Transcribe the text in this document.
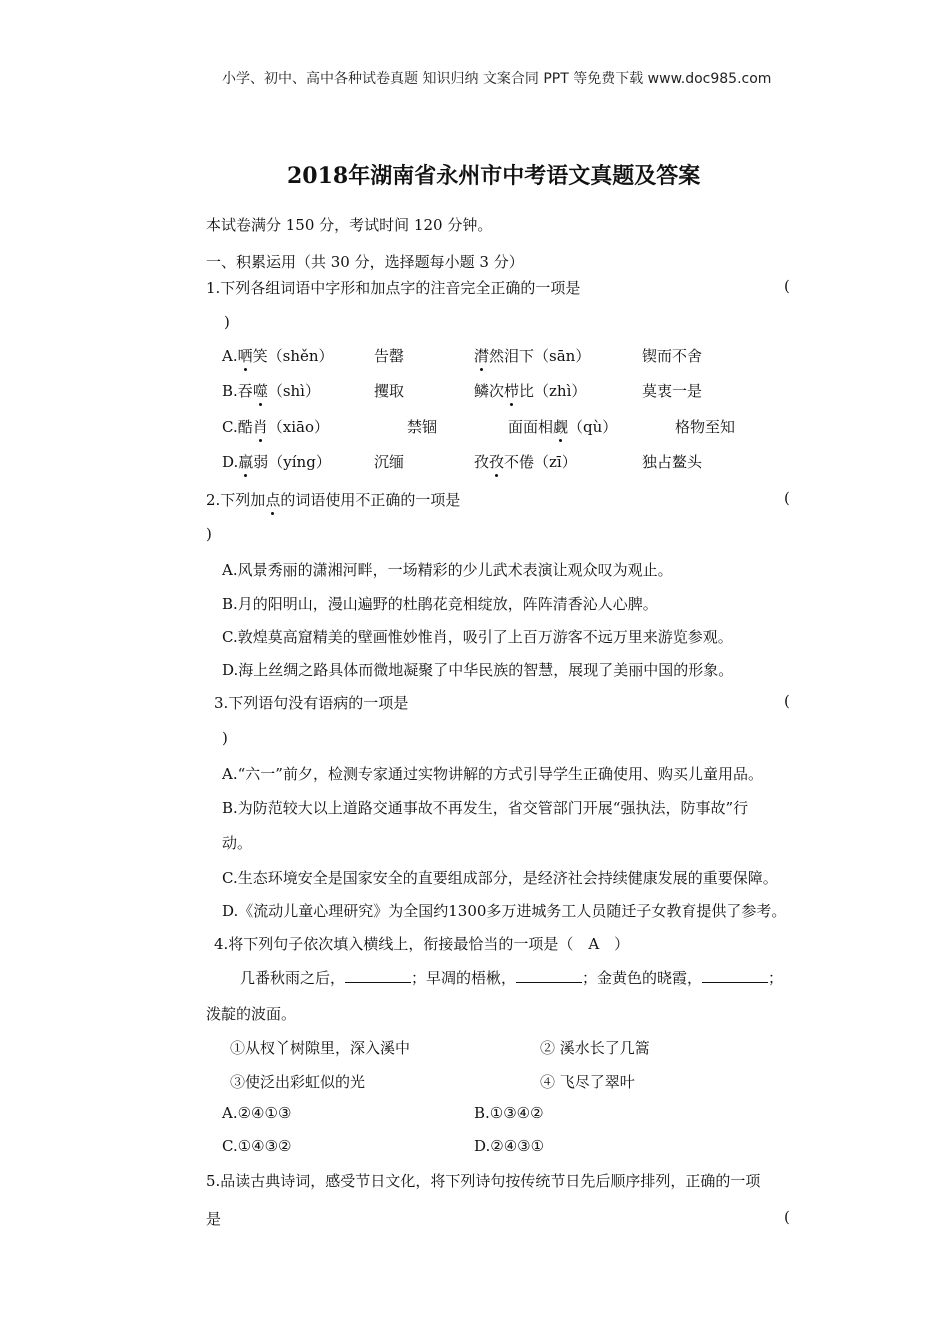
小学、初中、高中各种试卷真题 知识归纳 文案合同 PPT 等免费下载 www.doc985.com
2018年湖南省永州市中考语文真题及答案
本试卷满分 150 分，考试时间 120 分钟。
一、积累运用（共 30 分，选择题每小题 3 分）
1.下列各组词语中字形和加点字的注音完全正确的一项是	(
)
A.哂笑（shěn）	告罄	潸然泪下（sān）	锲而不舍
B.吞噬（shì）	攫取	鳞次栉比（zhì）	莫衷一是
C.酷肖（xiāo）	禁锢	面面相觑（qù）	格物至知
D.羸弱（yíng）	沉缅	孜孜不倦（zī）	独占鳌头
2.下列加点的词语使用不正确的一项是	(
)
A.风景秀丽的潇湘河畔，一场精彩的少儿武术表演让观众叹为观止。
B.月的阳明山，漫山遍野的杜鹃花竞相绽放，阵阵清香沁人心脾。
C.敦煌莫高窟精美的壁画惟妙惟肖，吸引了上百万游客不远万里来游览参观。
D.海上丝绸之路具体而微地凝聚了中华民族的智慧，展现了美丽中国的形象。
3.下列语句没有语病的一项是	(
)
A.“六一”前夕，检测专家通过实物讲解的方式引导学生正确使用、购买儿童用品。
B.为防范较大以上道路交通事故不再发生，省交管部门开展“强执法，防事故”行
动。
C.生态环境安全是国家安全的直要组成部分，是经济社会持续健康发展的重要保障。
D.《流动儿童心理研究》为全国约1300多万进城务工人员随迁子女教育提供了参考。
4.将下列句子依次填入横线上，衔接最恰当的一项是（　A　）
几番秋雨之后，	；早凋的梧楸，	；金黄色的晓霞，	；
泼靛的波面。
①从杈丫树隙里，深入溪中	② 溪水长了几篙
③使泛出彩虹似的光	④ 飞尽了翠叶
A.②④①③	B.①③④②
C.①④③②	D.②④③①
5.品读古典诗词，感受节日文化，将下列诗句按传统节日先后顺序排列，正确的一项
是	(
